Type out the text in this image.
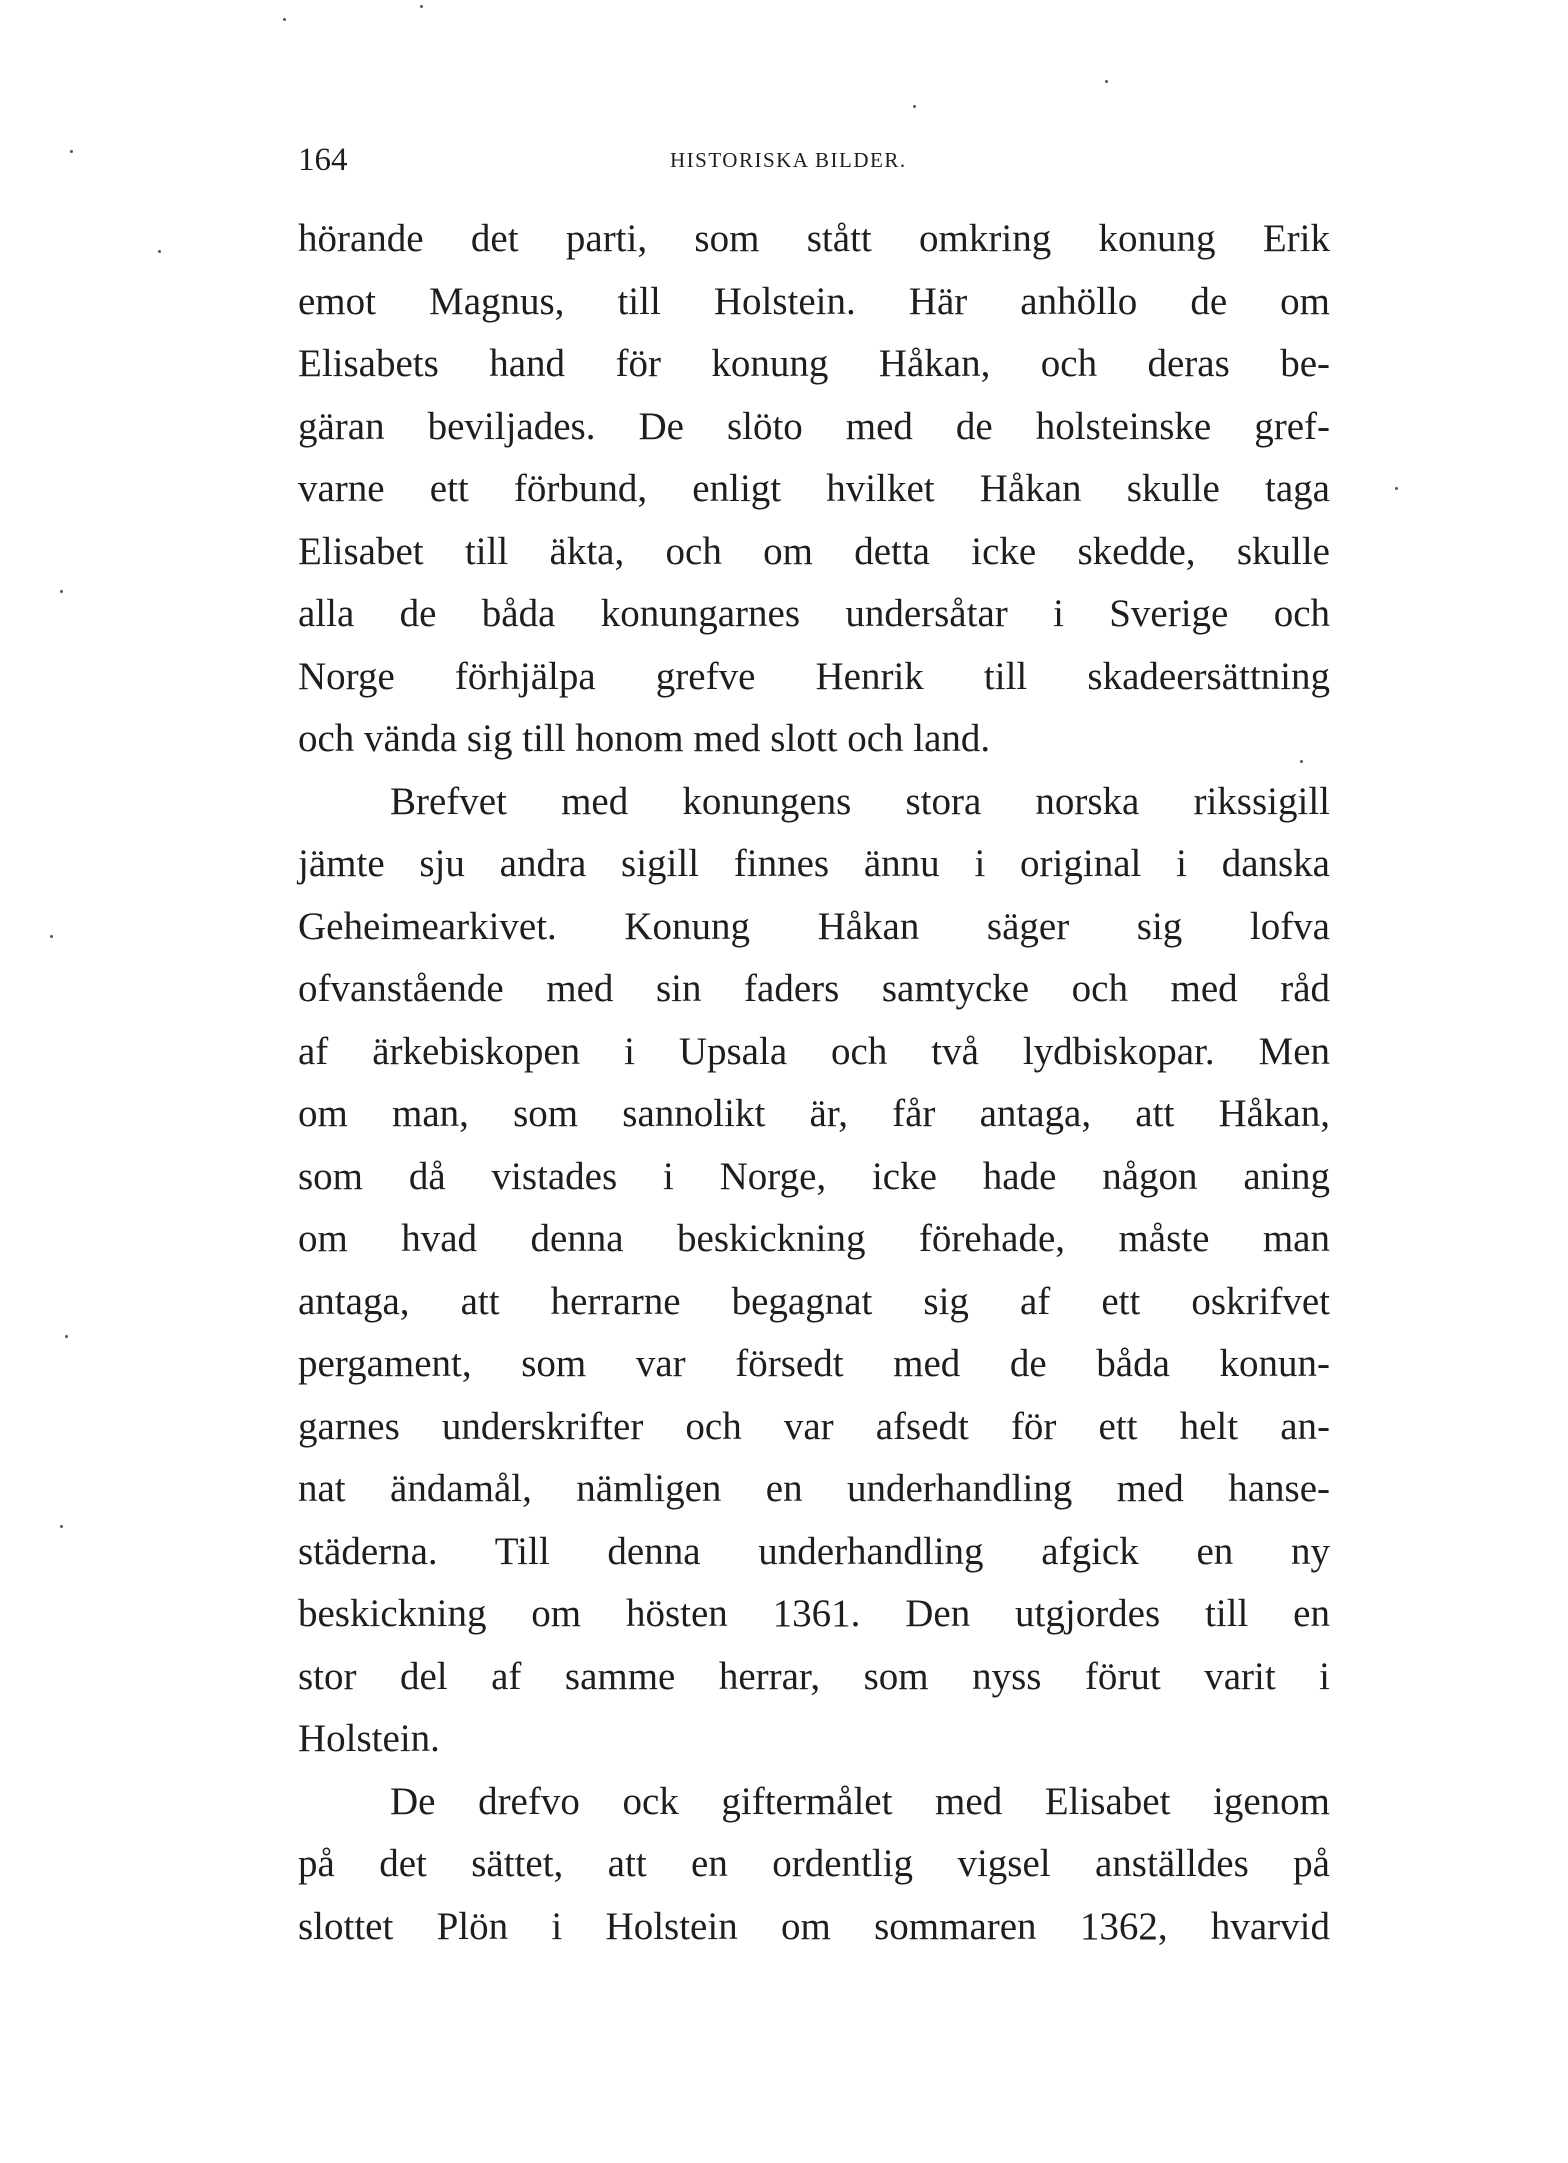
164	HISTORISKA BILDER.
hörande det parti, som stått omkring konung Erik
emot Magnus, till Holstein. Här anhöllo de om
Elisabets hand för konung Håkan, och deras be-
gäran beviljades. De slöto med de holsteinske gref-
varne ett förbund, enligt hvilket Håkan skulle taga
Elisabet till äkta, och om detta icke skedde, skulle
alla de båda konungarnes undersåtar i Sverige och
Norge förhjälpa grefve Henrik till skadeersättning
och vända sig till honom med slott och land.
Brefvet med konungens stora norska rikssigill
jämte sju andra sigill finnes ännu i original i danska
Geheimearkivet. Konung Håkan säger sig lofva
ofvanstående med sin faders samtycke och med råd
af ärkebiskopen i Upsala och två lydbiskopar. Men
om man, som sannolikt är, får antaga, att Håkan,
som då vistades i Norge, icke hade någon aning
om hvad denna beskickning förehade, måste man
antaga, att herrarne begagnat sig af ett oskrifvet
pergament, som var försedt med de båda konun-
garnes underskrifter och var afsedt för ett helt an-
nat ändamål, nämligen en underhandling med hanse-
städerna. Till denna underhandling afgick en ny
beskickning om hösten 1361. Den utgjordes till en
stor del af samme herrar, som nyss förut varit i
Holstein.
De drefvo ock giftermålet med Elisabet igenom
på det sättet, att en ordentlig vigsel anställdes på
slottet Plön i Holstein om sommaren 1362, hvarvid
